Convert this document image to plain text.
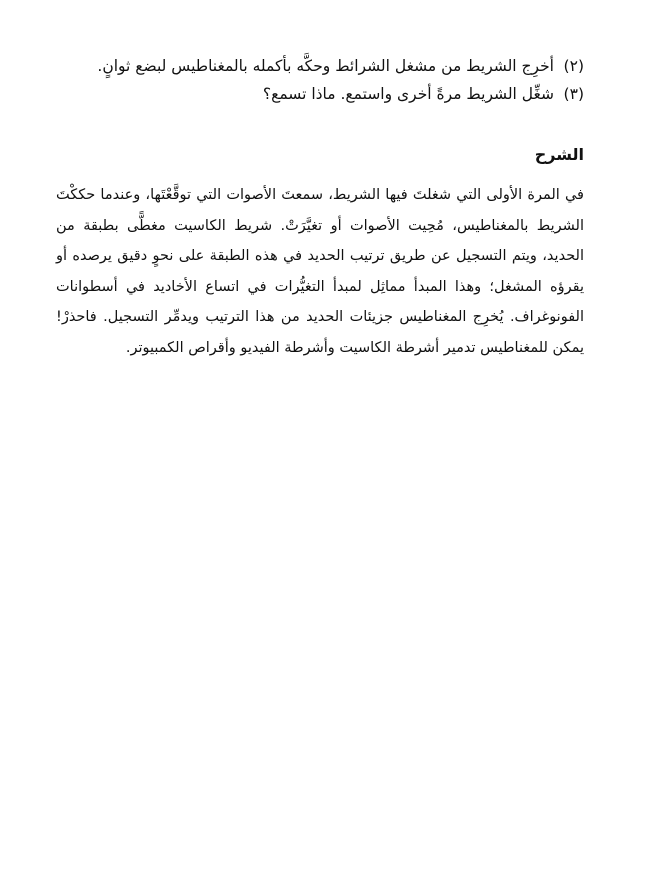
(٢)
أخرِج الشريط من مشغل الشرائط وحكَّه بأكمله بالمغناطيس لبضع ثوانٍ.
(٣)
شغِّل الشريط مرةً أخرى واستمع. ماذا تسمع؟
الشرح

في المرة الأولى التي شغلتَ فيها الشريط، سمعتَ الأصوات التي توقَّعْتَها، وعندما حككْتَ الشريط بالمغناطيس، مُحِيت الأصوات أو تغيَّرَتْ. شريط الكاسيت مغطًّى بطبقة من الحديد، ويتم التسجيل عن طريق ترتيب الحديد في هذه الطبقة على نحوٍ دقيق يرصده أو يقرؤه المشغل؛ وهذا المبدأ مماثِل لمبدأ التغيُّرات في اتساع الأخاديد في أسطوانات الفونوغراف. يُخرِج المغناطيس جزيئات الحديد من هذا الترتيب ويدمِّر التسجيل. فاحذرْ! يمكن للمغناطيس تدمير أشرطة الكاسيت وأشرطة الفيديو وأقراص الكمبيوتر.
